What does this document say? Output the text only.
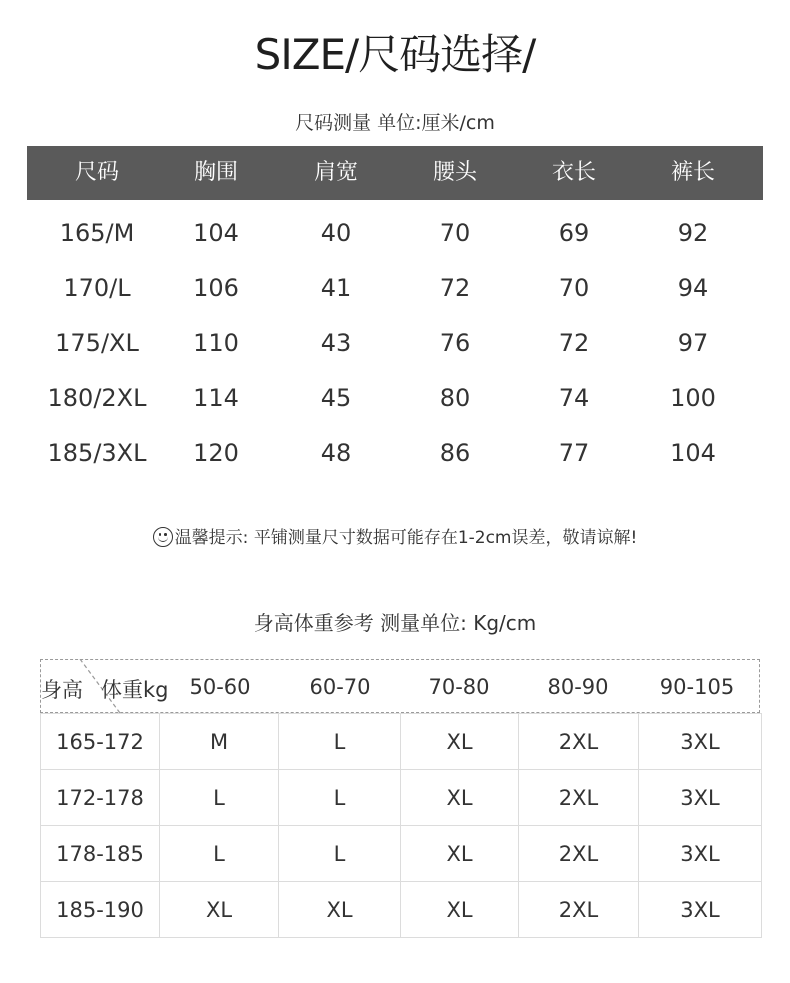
SIZE/尺码选择/
尺码测量 单位:厘米/cm
尺码	胸围	肩宽	腰头	衣长	裤长
165/M 104	40	70	69	92
170/L	106	41	72	70	94
175/XL 110	43	76	72	97
180/2XL 114	45	80	74	100
185/3XL 120	48	86	77	104
温馨提示: 平铺测量尺寸数据可能存在1-2cm误差，敬请谅解!
身高体重参考 测量单位: Kg/cm
身高 体重kg 50-60	60-70	70-80	80-90 90-105
165-172	M	L	XL	2XL	3XL
172-178	L	L	XL	2XL	3XL
178-185	L	L	XL	2XL	3XL
185-190	XL	XL	XL	2XL	3XL
